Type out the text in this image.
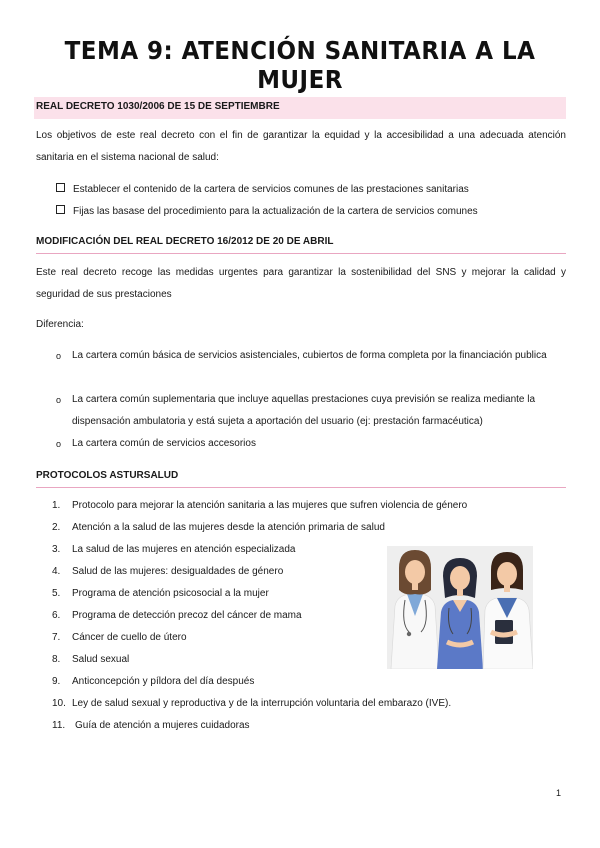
TEMA 9: ATENCIÓN SANITARIA A LA MUJER
REAL DECRETO 1030/2006 DE 15 DE SEPTIEMBRE
Los objetivos de este real decreto con el fin de garantizar la equidad y la accesibilidad a una adecuada atención sanitaria en el sistema nacional de salud:
Establecer el contenido de la cartera de servicios comunes de las prestaciones sanitarias
Fijas las basase del procedimiento para la actualización de la cartera de servicios comunes
MODIFICACIÓN DEL REAL DECRETO 16/2012 DE 20 DE ABRIL
Este real decreto recoge las medidas urgentes para garantizar la sostenibilidad del SNS y mejorar la calidad y seguridad de sus prestaciones
Diferencia:
o La cartera común básica de servicios asistenciales, cubiertos de forma completa por la financiación publica
o La cartera común suplementaria que incluye aquellas prestaciones cuya previsión se realiza mediante la dispensación ambulatoria y está sujeta a aportación del usuario (ej: prestación farmacéutica)
o La cartera común de servicios accesorios
PROTOCOLOS ASTURSALUD
1. Protocolo para mejorar la atención sanitaria a las mujeres que sufren violencia de género
2. Atención a la salud de las mujeres desde la atención primaria de salud
3. La salud de las mujeres en atención especializada
4. Salud de las mujeres: desigualdades de género
5. Programa de atención psicosocial a la mujer
6. Programa de detección precoz del cáncer de mama
7. Cáncer de cuello de útero
8. Salud sexual
9. Anticoncepción y píldora del día después
10. Ley de salud sexual y reproductiva y de la interrupción voluntaria del embarazo (IVE).
11. Guía de atención a mujeres cuidadoras
1
